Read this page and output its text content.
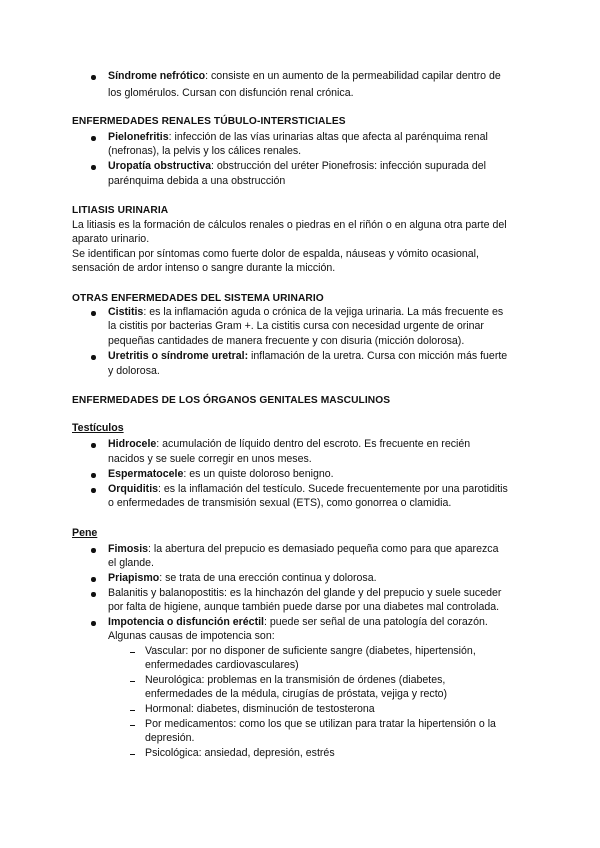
Síndrome nefrótico: consiste en un aumento de la permeabilidad capilar dentro de
los glomérulos. Cursan con disfunción renal crónica.
ENFERMEDADES RENALES TÚBULO-INTERSTICIALES
Pielonefritis: infección de las vías urinarias altas que afecta al parénquima renal
(nefronas), la pelvis y los cálices renales.
Uropatía obstructiva: obstrucción del uréter Pionefrosis: infección supurada del
parénquima debida a una obstrucción
LITIASIS URINARIA
La litiasis es la formación de cálculos renales o piedras en el riñón o en alguna otra parte del
aparato urinario.
Se identifican por síntomas como fuerte dolor de espalda, náuseas y vómito ocasional,
sensación de ardor intenso o sangre durante la micción.
OTRAS ENFERMEDADES DEL SISTEMA URINARIO
Cistitis: es la inflamación aguda o crónica de la vejiga urinaria. La más frecuente es
la cistitis por bacterias Gram +. La cistitis cursa con necesidad urgente de orinar
pequeñas cantidades de manera frecuente y con disuria (micción dolorosa).
Uretritis o síndrome uretral: inflamación de la uretra. Cursa con micción más fuerte
y dolorosa.
ENFERMEDADES DE LOS ÓRGANOS GENITALES MASCULINOS
Testículos
Hidrocele: acumulación de líquido dentro del escroto. Es frecuente en recién
nacidos y se suele corregir en unos meses.
Espermatocele: es un quiste doloroso benigno.
Orquiditis: es la inflamación del testículo. Sucede frecuentemente por una parotiditis
o enfermedades de transmisión sexual (ETS), como gonorrea o clamidia.
Pene
Fimosis: la abertura del prepucio es demasiado pequeña como para que aparezca
el glande.
Priapismo: se trata de una erección continua y dolorosa.
Balanitis y balanopostitis: es la hinchazón del glande y del prepucio y suele suceder
por falta de higiene, aunque también puede darse por una diabetes mal controlada.
Impotencia o disfunción eréctil: puede ser señal de una patología del corazón.
Algunas causas de impotencia son:
Vascular: por no disponer de suficiente sangre (diabetes, hipertensión,
enfermedades cardiovasculares)
Neurológica: problemas en la transmisión de órdenes (diabetes,
enfermedades de la médula, cirugías de próstata, vejiga y recto)
Hormonal: diabetes, disminución de testosterona
Por medicamentos: como los que se utilizan para tratar la hipertensión o la
depresión.
Psicológica: ansiedad, depresión, estrés
